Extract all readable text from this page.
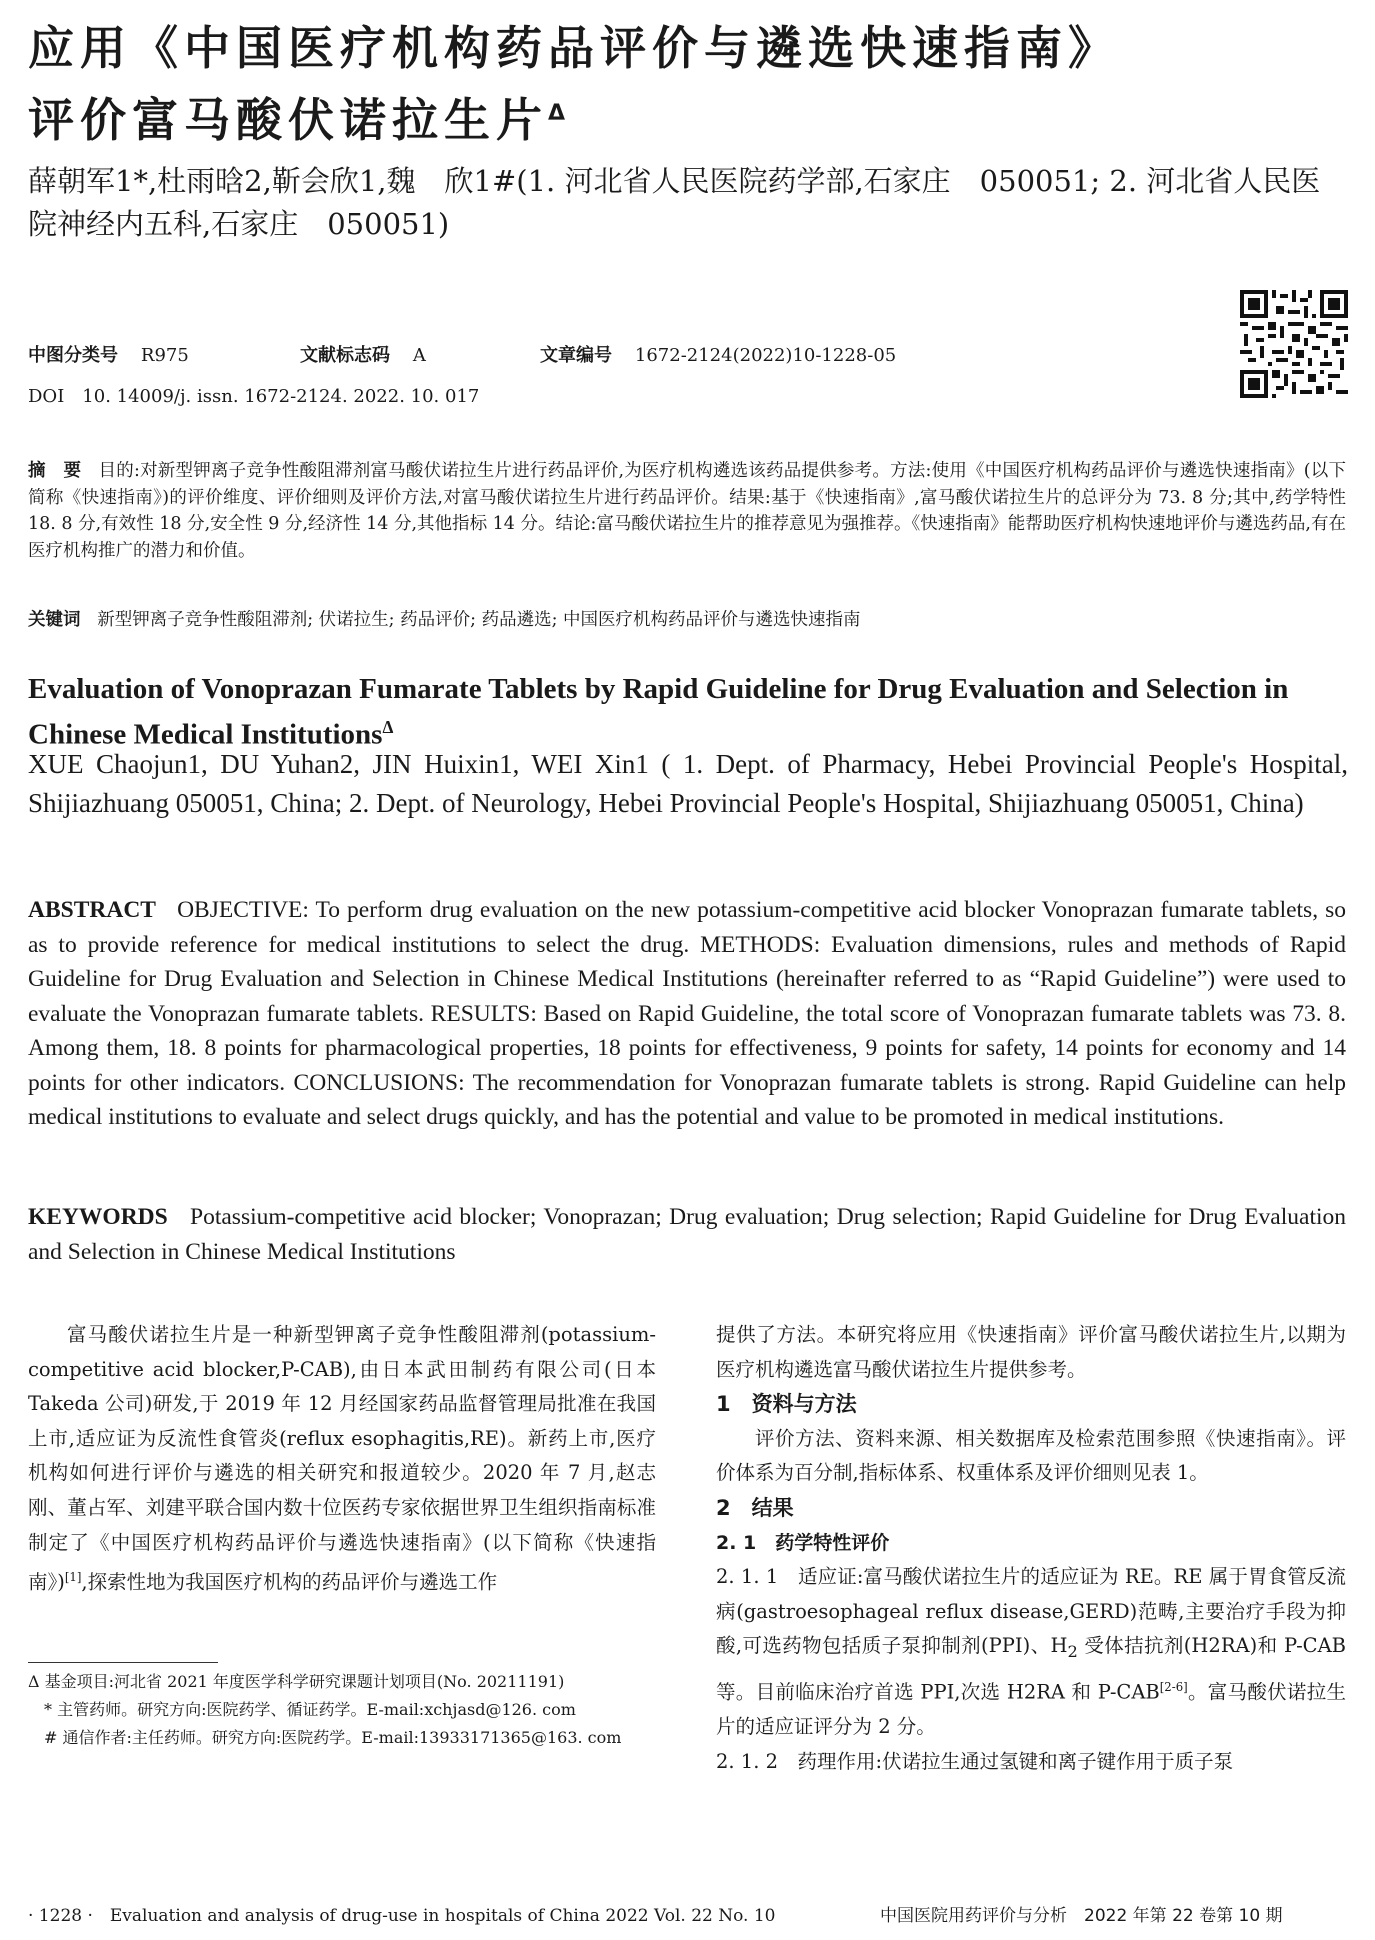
应用《中国医疗机构药品评价与遴选快速指南》
评价富马酸伏诺拉生片$^\Delta$
薛朝军1*,杜雨晗2,靳会欣1,魏　欣1#(1. 河北省人民医院药学部,石家庄　050051; 2. 河北省人民医院神经内五科,石家庄　050051)
中图分类号 R975	文献标志码 A	文章编号 1672-2124(2022)10-1228-05
DOI　10. 14009/j. issn. 1672-2124. 2022. 10. 017
摘　要 目的:对新型钾离子竞争性酸阻滞剂富马酸伏诺拉生片进行药品评价,为医疗机构遴选该药品提供参考。方法:使用《中国医疗机构药品评价与遴选快速指南》(以下简称《快速指南》)的评价维度、评价细则及评价方法,对富马酸伏诺拉生片进行药品评价。结果:基于《快速指南》,富马酸伏诺拉生片的总评分为 73. 8 分;其中,药学特性 18. 8 分,有效性 18 分,安全性 9 分,经济性 14 分,其他指标 14 分。结论:富马酸伏诺拉生片的推荐意见为强推荐。《快速指南》能帮助医疗机构快速地评价与遴选药品,有在医疗机构推广的潜力和价值。
关键词 新型钾离子竞争性酸阻滞剂; 伏诺拉生; 药品评价; 药品遴选; 中国医疗机构药品评价与遴选快速指南
Evaluation of Vonoprazan Fumarate Tablets by Rapid Guideline for Drug Evaluation and Selection in Chinese Medical Institutions$^\Delta$
XUE Chaojun1, DU Yuhan2, JIN Huixin1, WEI Xin1 ( 1. Dept. of Pharmacy, Hebei Provincial People's Hospital, Shijiazhuang 050051, China; 2. Dept. of Neurology, Hebei Provincial People's Hospital, Shijiazhuang 050051, China)
ABSTRACT OBJECTIVE: To perform drug evaluation on the new potassium-competitive acid blocker Vonoprazan fumarate tablets, so as to provide reference for medical institutions to select the drug. METHODS: Evaluation dimensions, rules and methods of Rapid Guideline for Drug Evaluation and Selection in Chinese Medical Institutions (hereinafter referred to as “Rapid Guideline”) were used to evaluate the Vonoprazan fumarate tablets. RESULTS: Based on Rapid Guideline, the total score of Vonoprazan fumarate tablets was 73. 8. Among them, 18. 8 points for pharmacological properties, 18 points for effectiveness, 9 points for safety, 14 points for economy and 14 points for other indicators. CONCLUSIONS: The recommendation for Vonoprazan fumarate tablets is strong. Rapid Guideline can help medical institutions to evaluate and select drugs quickly, and has the potential and value to be promoted in medical institutions.
KEYWORDS Potassium-competitive acid blocker; Vonoprazan; Drug evaluation; Drug selection; Rapid Guideline for Drug Evaluation and Selection in Chinese Medical Institutions

富马酸伏诺拉生片是一种新型钾离子竞争性酸阻滞剂(potassium-competitive acid blocker,P-CAB),由日本武田制药有限公司(日本 Takeda 公司)研发,于 2019 年 12 月经国家药品监督管理局批准在我国上市,适应证为反流性食管炎(reflux esophagitis,RE)。新药上市,医疗机构如何进行评价与遴选的相关研究和报道较少。2020 年 7 月,赵志刚、董占军、刘建平联合国内数十位医药专家依据世界卫生组织指南标准制定了《中国医疗机构药品评价与遴选快速指南》(以下简称《快速指南》)[1],探索性地为我国医疗机构的药品评价与遴选工作

Δ 基金项目:河北省 2021 年度医学科学研究课题计划项目(No. 20211191)

* 主管药师。研究方向:医院药学、循证药学。E-mail:xchjasd@126. com

# 通信作者:主任药师。研究方向:医院药学。E-mail:13933171365@163. com

提供了方法。本研究将应用《快速指南》评价富马酸伏诺拉生片,以期为医疗机构遴选富马酸伏诺拉生片提供参考。

1　资料与方法

评价方法、资料来源、相关数据库及检索范围参照《快速指南》。评价体系为百分制,指标体系、权重体系及评价细则见表 1。

2　结果
2. 1　药学特性评价

2. 1. 1　适应证:富马酸伏诺拉生片的适应证为 RE。RE 属于胃食管反流病(gastroesophageal reflux disease,GERD)范畴,主要治疗手段为抑酸,可选药物包括质子泵抑制剂(PPI)、$H_2$ 受体拮抗剂(H2RA)和 P-CAB 等。目前临床治疗首选 PPI,次选 H2RA 和 P-CAB[2-6]。富马酸伏诺拉生片的适应证评分为 2 分。

2. 1. 2　药理作用:伏诺拉生通过氢键和离子键作用于质子泵

· 1228 ·　Evaluation and analysis of drug-use in hospitals of China 2022 Vol. 22 No. 10	中国医院用药评价与分析　2022 年第 22 卷第 10 期
